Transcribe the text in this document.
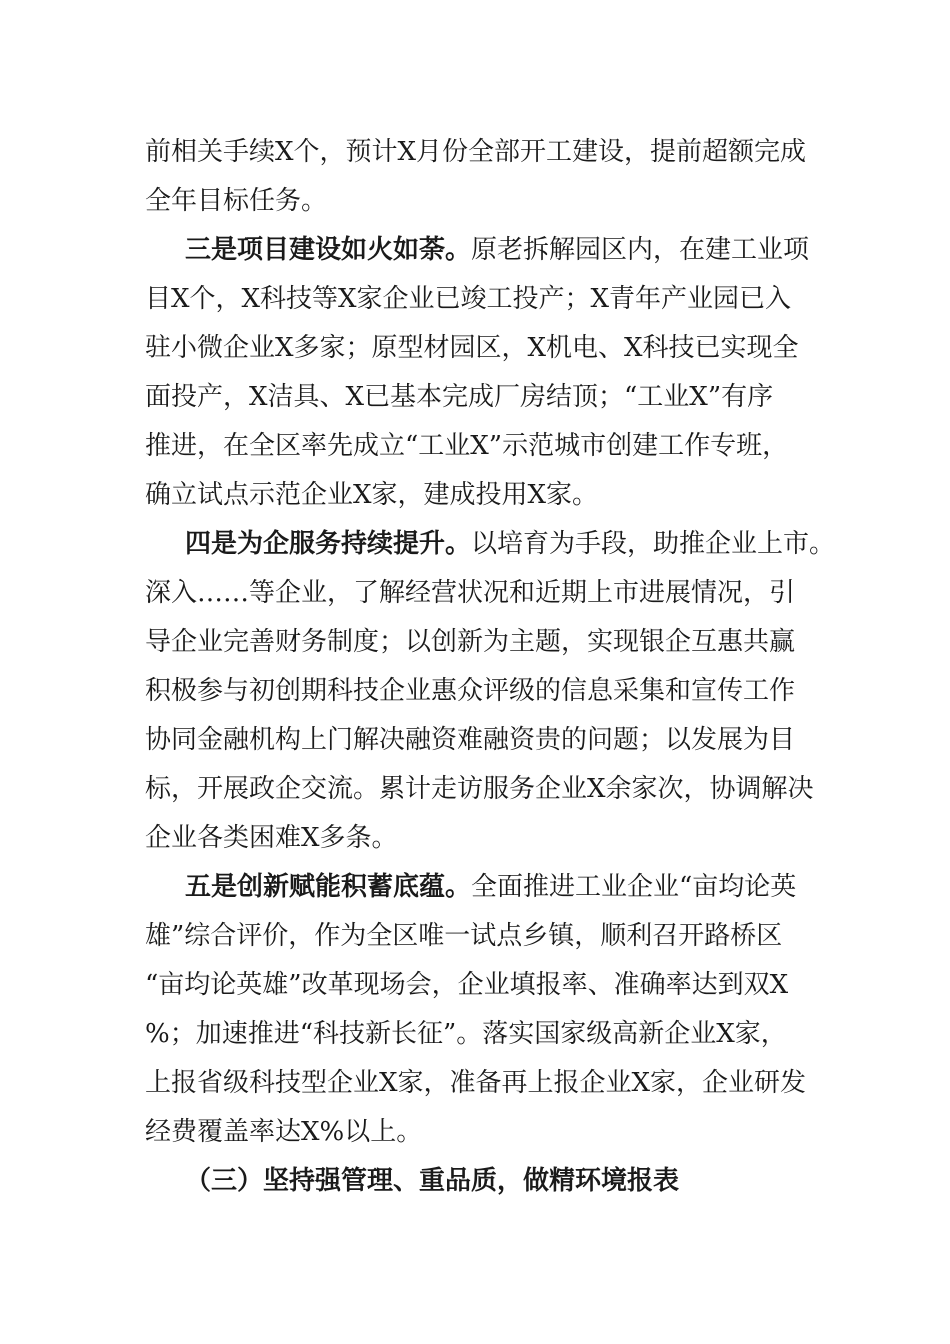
前相关手续X个，预计X月份全部开工建设，提前超额完成
全年目标任务。
三是项目建设如火如荼。原老拆解园区内，在建工业项
目X个，X科技等X家企业已竣工投产；X青年产业园已入
驻小微企业X多家；原型材园区，X机电、X科技已实现全
面投产，X洁具、X已基本完成厂房结顶；“工业X”有序
推进，在全区率先成立“工业X”示范城市创建工作专班，
确立试点示范企业X家，建成投用X家。
四是为企服务持续提升。以培育为手段，助推企业上市。
深入……等企业，了解经营状况和近期上市进展情况，引
导企业完善财务制度；以创新为主题，实现银企互惠共赢
积极参与初创期科技企业惠众评级的信息采集和宣传工作
协同金融机构上门解决融资难融资贵的问题；以发展为目
标，开展政企交流。累计走访服务企业X余家次，协调解决
企业各类困难X多条。
五是创新赋能积蓄底蕴。全面推进工业企业“亩均论英
雄”综合评价，作为全区唯一试点乡镇，顺利召开路桥区
“亩均论英雄”改革现场会，企业填报率、准确率达到双X
%；加速推进“科技新长征”。落实国家级高新企业X家，
上报省级科技型企业X家，准备再上报企业X家，企业研发
经费覆盖率达X%以上。
（三）坚持强管理、重品质，做精环境报表
